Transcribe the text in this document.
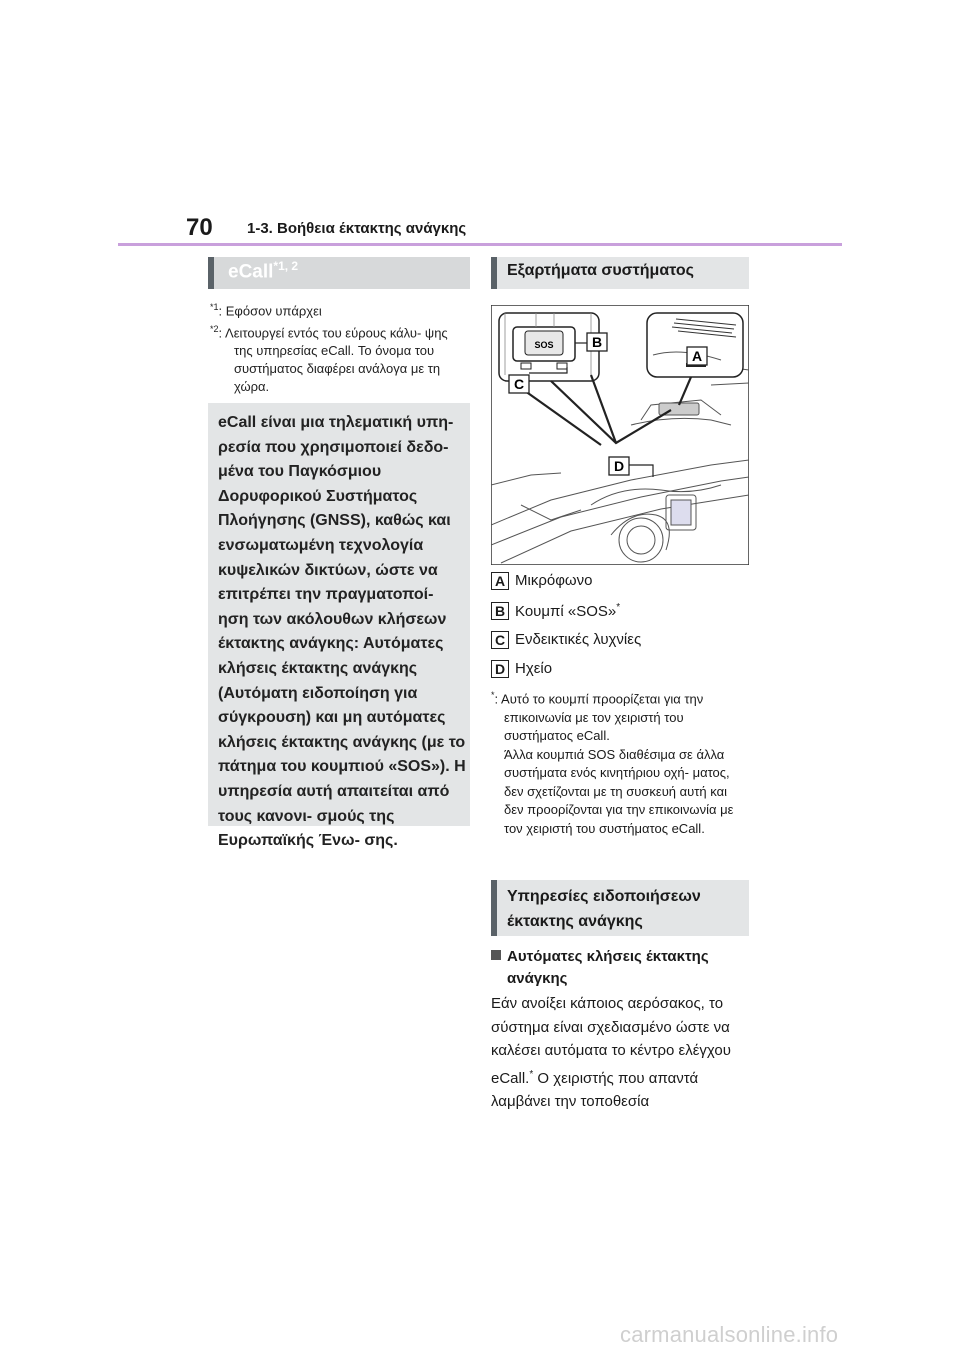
70 1-3. Βοήθεια έκτακτης ανάγκης
eCall$^{*1, 2}$
$^{*1}$: Εφόσον υπάρχει
$^{*2}$: Λειτουργεί εντός του εύρους κάλυ- ψης της υπηρεσίας eCall. Το όνομα του συστήματος διαφέρει ανάλογα με τη χώρα.
eCall είναι μια τηλεματική υπη- ρεσία που χρησιμοποιεί δεδο- μένα του Παγκόσμιου Δορυφορικού Συστήματος Πλοήγησης (GNSS), καθώς και ενσωματωμένη τεχνολογία κυψελικών δικτύων, ώστε να επιτρέπει την πραγματοποί- ηση των ακόλουθων κλήσεων έκτακτης ανάγκης: Αυτόματες κλήσεις έκτακτης ανάγκης (Αυτόματη ειδοποίηση για σύγκρουση) και μη αυτόματες κλήσεις έκτακτης ανάγκης (με το πάτημα του κουμπιού «SOS»). Η υπηρεσία αυτή απαιτείται από τους κανονι- σμούς της Ευρωπαϊκής Ένω- σης.
Εξαρτήματα συστήματος
SOS	B
C
A
D
A Μικρόφωνο
B Κουμπί «SOS»*
C Ενδεικτικές λυχνίες
D Ηχείο
*: Αυτό το κουμπί προορίζεται για την επικοινωνία με τον χειριστή του συστήματος eCall.
Άλλα κουμπιά SOS διαθέσιμα σε άλλα συστήματα ενός κινητήριου οχή- ματος, δεν σχετίζονται με τη συσκευή αυτή και δεν προορίζονται για την επικοινωνία με τον χειριστή του συστήματος eCall.
Υπηρεσίες ειδοποιήσεων έκτακτης ανάγκης
Αυτόματες κλήσεις έκτακτης ανάγκης
Εάν ανοίξει κάποιος αερόσακος, το σύστημα είναι σχεδιασμένο ώστε να καλέσει αυτόματα το κέντρο ελέγχου eCall.* Ο χειριστής που απαντά λαμβάνει την τοποθεσία
carmanualsonline.info
